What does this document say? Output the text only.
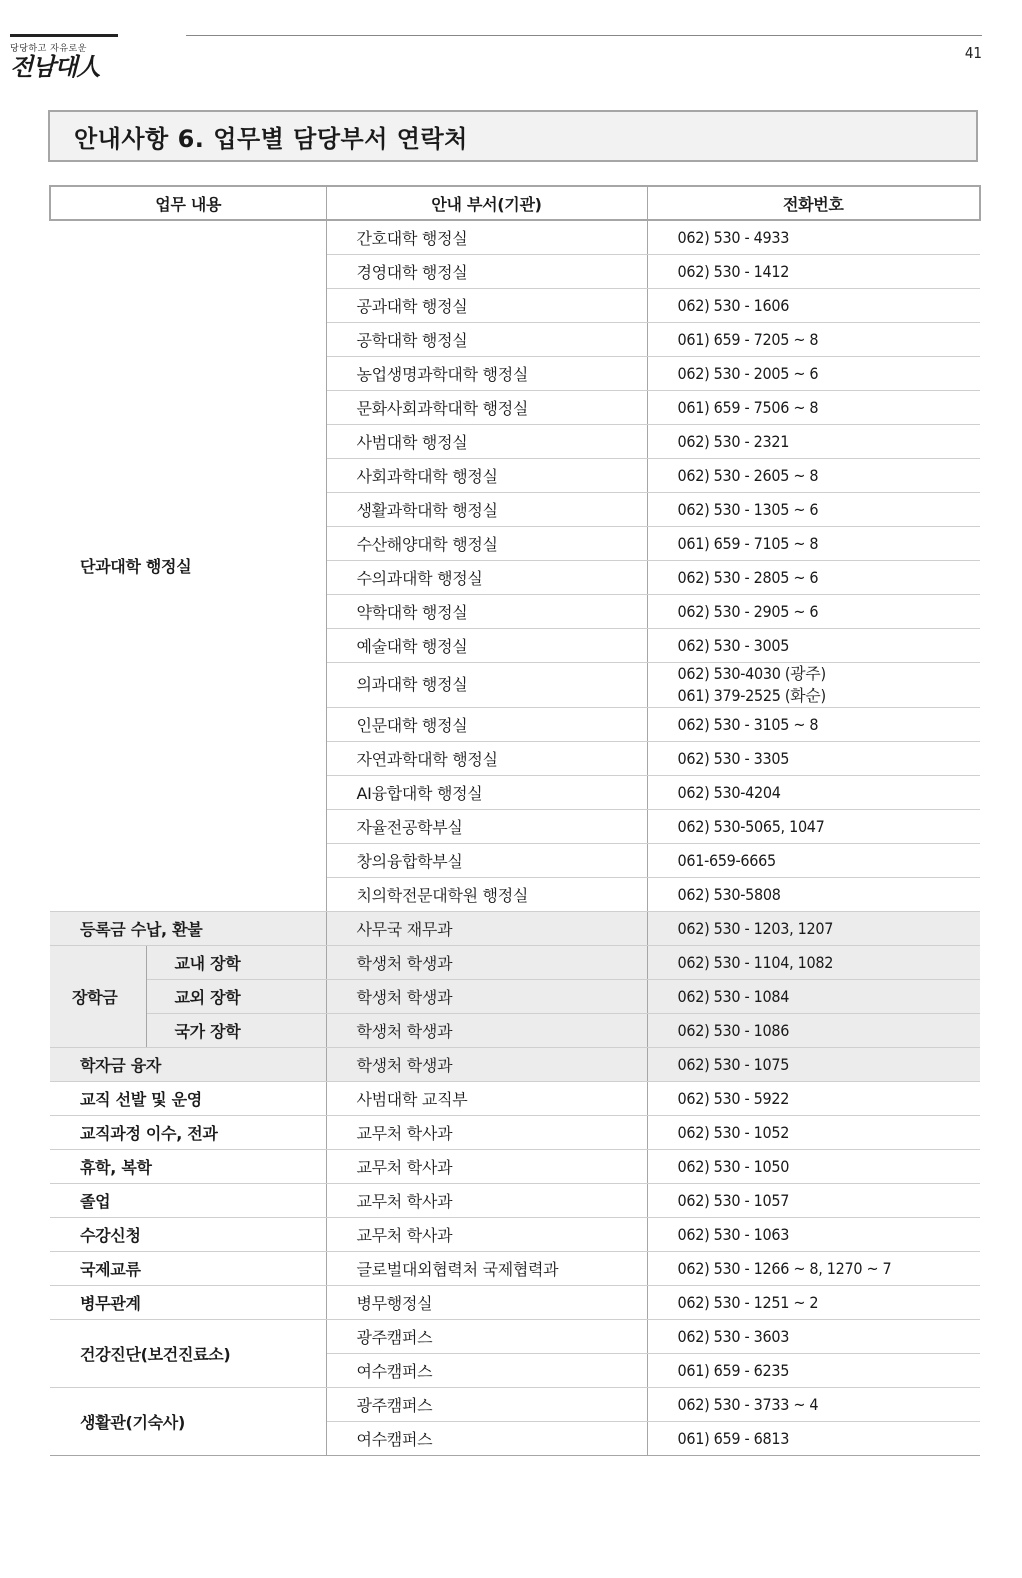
당당하고 자유로운
전남대人	41
안내사항 6. 업무별 담당부서 연락처
업무 내용		안내 부서(기관)	전화번호
단과대학 행정실		간호대학 행정실	062) 530 - 4933
		경영대학 행정실	062) 530 - 1412
		공과대학 행정실	062) 530 - 1606
		공학대학 행정실	061) 659 - 7205 ~ 8
		농업생명과학대학 행정실	062) 530 - 2005 ~ 6
		문화사회과학대학 행정실	061) 659 - 7506 ~ 8
		사범대학 행정실	062) 530 - 2321
		사회과학대학 행정실	062) 530 - 2605 ~ 8
		생활과학대학 행정실	062) 530 - 1305 ~ 6
		수산해양대학 행정실	061) 659 - 7105 ~ 8
		수의과대학 행정실	062) 530 - 2805 ~ 6
		약학대학 행정실	062) 530 - 2905 ~ 6
		예술대학 행정실	062) 530 - 3005
		의과대학 행정실	062) 530-4030 (광주)
061) 379-2525 (화순)

		인문대학 행정실	062) 530 - 3105 ~ 8
		자연과학대학 행정실	062) 530 - 3305
		AI융합대학 행정실	062) 530-4204
		자율전공학부실	062) 530-5065, 1047
		창의융합학부실	061-659-6665
		치의학전문대학원 행정실	062) 530-5808
등록금 수납, 환불		사무국 재무과	062) 530 - 1203, 1207
장학금	교내 장학	학생처 학생과	062) 530 - 1104, 1082
	교외 장학	학생처 학생과	062) 530 - 1084
	국가 장학	학생처 학생과	062) 530 - 1086
학자금 융자		학생처 학생과	062) 530 - 1075
교직 선발 및 운영		사범대학 교직부	062) 530 - 5922
교직과정 이수, 전과		교무처 학사과	062) 530 - 1052
휴학, 복학		교무처 학사과	062) 530 - 1050
졸업		교무처 학사과	062) 530 - 1057
수강신청		교무처 학사과	062) 530 - 1063
국제교류		글로벌대외협력처 국제협력과	062) 530 - 1266 ~ 8, 1270 ~ 7
병무관계		병무행정실	062) 530 - 1251 ~ 2
건강진단(보건진료소)		광주캠퍼스	062) 530 - 3603
		여수캠퍼스	061) 659 - 6235
생활관(기숙사)		광주캠퍼스	062) 530 - 3733 ~ 4
		여수캠퍼스	061) 659 - 6813
